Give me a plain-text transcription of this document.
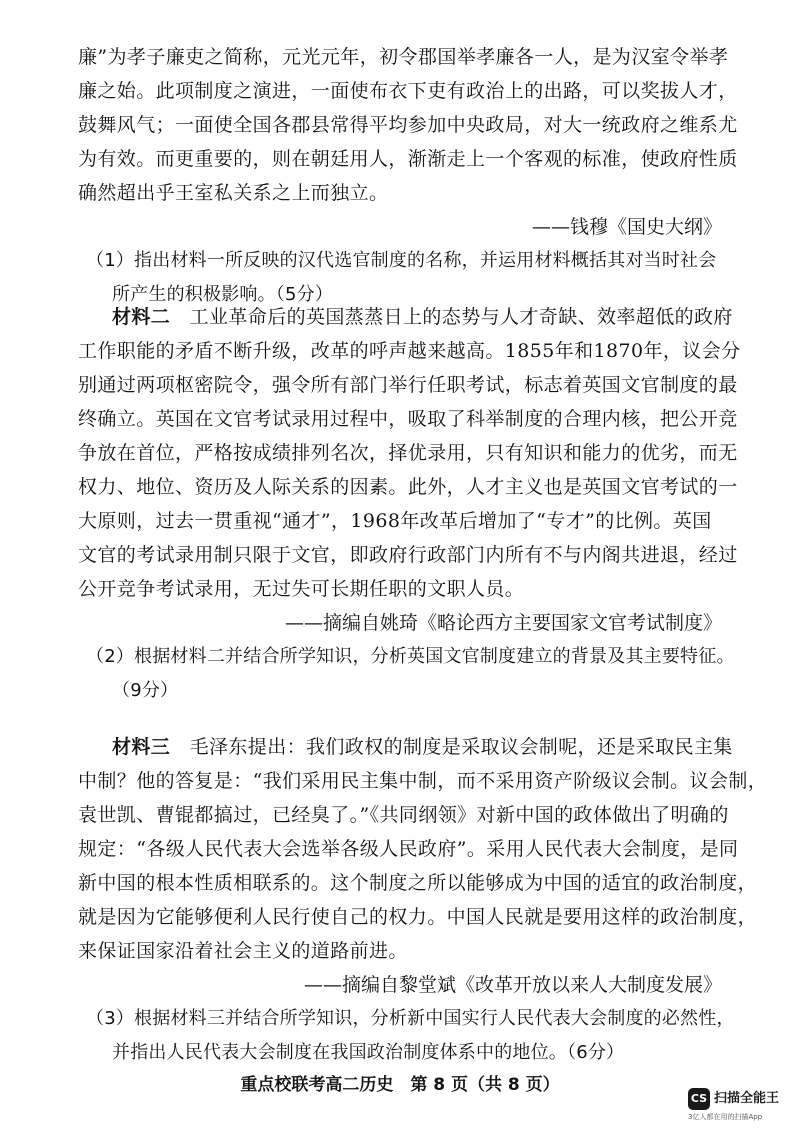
廉”为孝子廉吏之简称，元光元年，初令郡国举孝廉各一人，是为汉室令举孝
廉之始。此项制度之演进，一面使布衣下吏有政治上的出路，可以奖拔人才，
鼓舞风气；一面使全国各郡县常得平均参加中央政局，对大一统政府之维系尤
为有效。而更重要的，则在朝廷用人，渐渐走上一个客观的标准，使政府性质
确然超出乎王室私关系之上而独立。
——钱穆《国史大纲》
（1）指出材料一所反映的汉代选官制度的名称，并运用材料概括其对当时社会
所产生的积极影响。（5分）
材料二　 工业革命后的英国蒸蒸日上的态势与人才奇缺、效率超低的政府
工作职能的矛盾不断升级，改革的呼声越来越高。1855年和1870年，议会分
别通过两项枢密院令，强令所有部门举行任职考试，标志着英国文官制度的最
终确立。英国在文官考试录用过程中，吸取了科举制度的合理内核，把公开竞
争放在首位，严格按成绩排列名次，择优录用，只有知识和能力的优劣，而无
权力、地位、资历及人际关系的因素。此外，人才主义也是英国文官考试的一
大原则，过去一贯重视“通才”，1968年改革后增加了“专才”的比例。英国
文官的考试录用制只限于文官，即政府行政部门内所有不与内阁共进退，经过
公开竞争考试录用，无过失可长期任职的文职人员。
——摘编自姚琦《略论西方主要国家文官考试制度》
（2）根据材料二并结合所学知识，分析英国文官制度建立的背景及其主要特征。
（9分）
材料三　 毛泽东提出：我们政权的制度是采取议会制呢，还是采取民主集
中制？他的答复是：“我们采用民主集中制，而不采用资产阶级议会制。议会制，
袁世凯、曹锟都搞过，已经臭了。”《共同纲领》对新中国的政体做出了明确的
规定：“各级人民代表大会选举各级人民政府”。采用人民代表大会制度，是同
新中国的根本性质相联系的。这个制度之所以能够成为中国的适宜的政治制度，
就是因为它能够便利人民行使自己的权力。中国人民就是要用这样的政治制度，
来保证国家沿着社会主义的道路前进。
——摘编自黎堂斌《改革开放以来人大制度发展》
（3）根据材料三并结合所学知识，分析新中国实行人民代表大会制度的必然性，
并指出人民代表大会制度在我国政治制度体系中的地位。（6分）
重点校联考高二历史　第 8 页（共 8 页）
CS 扫描全能王
3亿人都在用的扫描App
